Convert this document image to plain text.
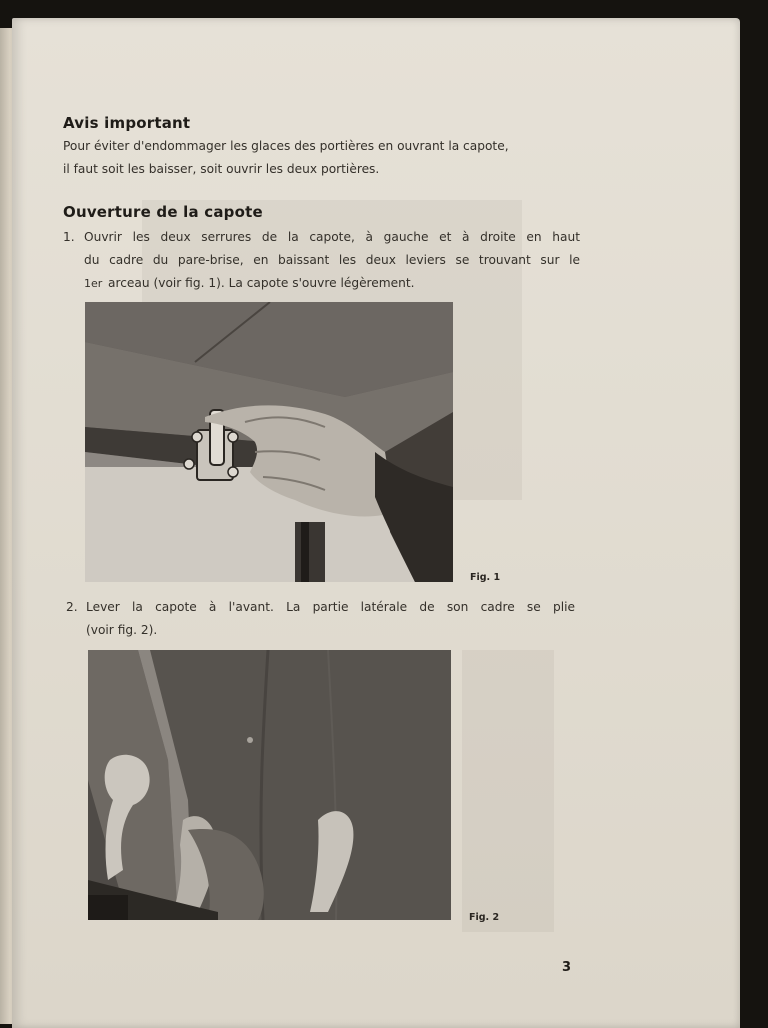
Avis important
Pour éviter d'endommager les glaces des portières en ouvrant la capote,
il faut soit les baisser, soit ouvrir les deux portières.
Ouverture de la capote
1. Ouvrir les deux serrures de la capote, à gauche et à droite en haut
du cadre du pare-brise, en baissant les deux leviers se trouvant sur le
1er arceau (voir fig. 1). La capote s'ouvre légèrement.
Fig. 1
2. Lever la capote à l'avant. La partie latérale de son cadre se plie
(voir fig. 2).
Fig. 2
3
